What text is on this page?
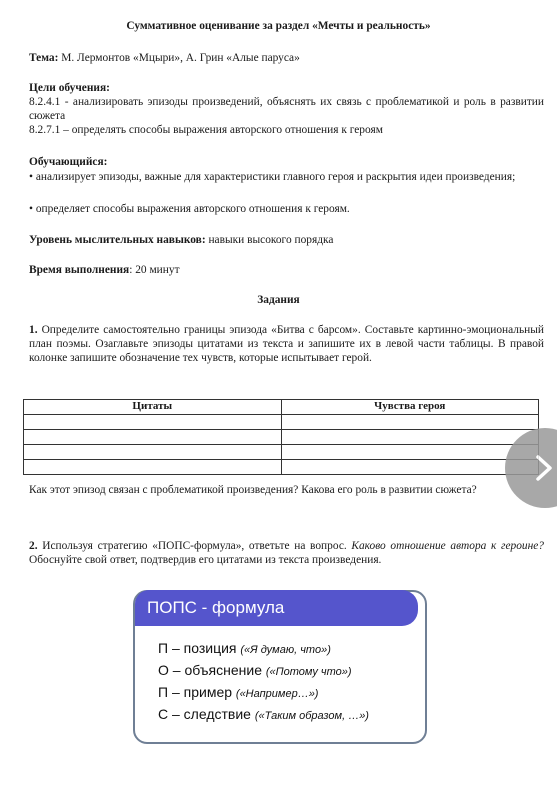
Суммативное оценивание за раздел «Мечты и реальность»
Тема: М. Лермонтов «Мцыри», А. Грин «Алые паруса»
Цели обучения:
8.2.4.1 - анализировать эпизоды произведений, объяснять их связь с проблематикой и роль в развитии сюжета
8.2.7.1 – определять способы выражения авторского отношения к героям
Обучающийся:
• анализирует эпизоды, важные для характеристики главного героя и раскрытия идеи произведения;
• определяет способы выражения авторского отношения к героям.
Уровень мыслительных навыков: навыки высокого порядка
Время выполнения: 20 минут
Задания
1. Определите самостоятельно границы эпизода «Битва с барсом». Составьте картинно-эмоциональный план поэмы. Озаглавьте эпизоды цитатами из текста и запишите их в левой части таблицы. В правой колонке запишите обозначение тех чувств, которые испытывает герой.
Цитаты	Чувства героя

Как этот эпизод связан с проблематикой произведения? Какова его роль в развитии сюжета?
2. Используя стратегию «ПОПС-формула», ответьте на вопрос. Каково отношение автора к героине? Обоснуйте свой ответ, подтвердив его цитатами из текста произведения.
ПОПС - формула
П – позиция («Я думаю, что»)
О – объяснение («Потому что»)
П – пример («Например…»)
С – следствие («Таким образом, …»)
